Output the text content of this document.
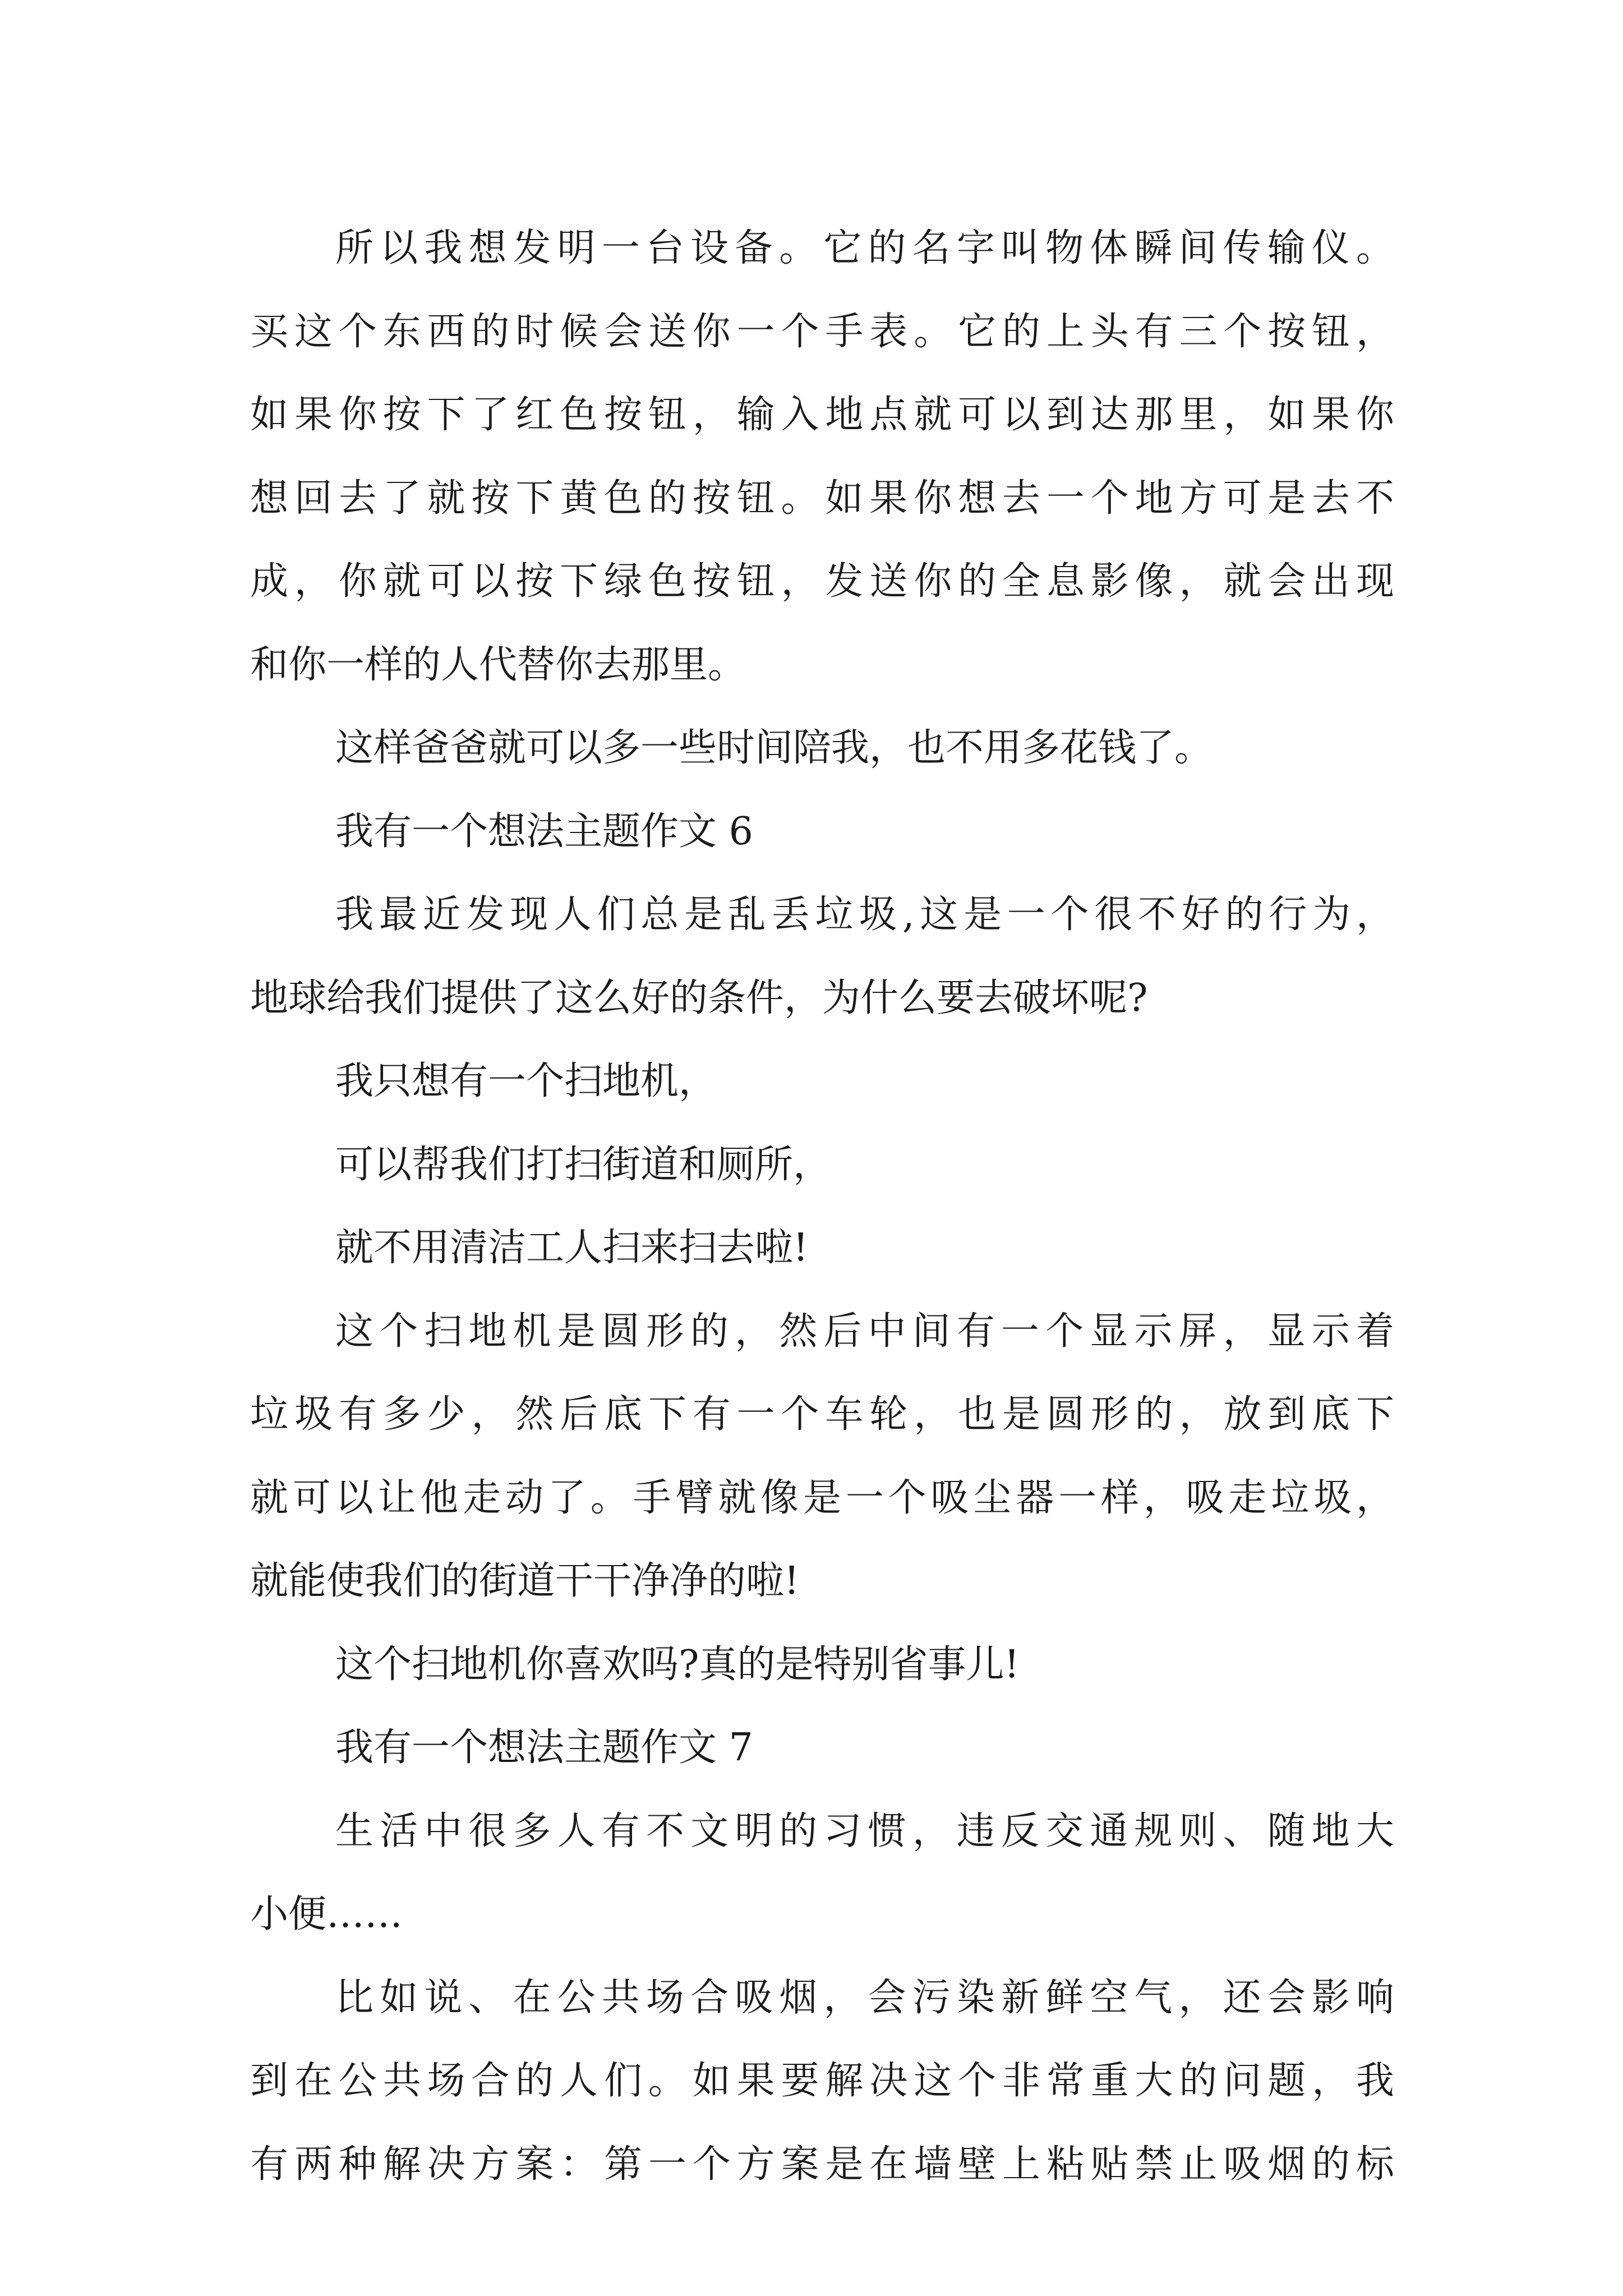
所以我想发明一台设备。它的名字叫物体瞬间传输仪。
买这个东西的时候会送你一个手表。它的上头有三个按钮，
如果你按下了红色按钮，输入地点就可以到达那里，如果你
想回去了就按下黄色的按钮。如果你想去一个地方可是去不
成，你就可以按下绿色按钮，发送你的全息影像，就会出现
和你一样的人代替你去那里。
这样爸爸就可以多一些时间陪我，也不用多花钱了。
我有一个想法主题作文 6
我最近发现人们总是乱丢垃圾,这是一个很不好的行为，
地球给我们提供了这么好的条件，为什么要去破坏呢?
我只想有一个扫地机，
可以帮我们打扫街道和厕所，
就不用清洁工人扫来扫去啦!
这个扫地机是圆形的，然后中间有一个显示屏，显示着
垃圾有多少，然后底下有一个车轮，也是圆形的，放到底下
就可以让他走动了。手臂就像是一个吸尘器一样，吸走垃圾，
就能使我们的街道干干净净的啦!
这个扫地机你喜欢吗?真的是特别省事儿!
我有一个想法主题作文 7
生活中很多人有不文明的习惯，违反交通规则、随地大
小便……
比如说、在公共场合吸烟，会污染新鲜空气，还会影响
到在公共场合的人们。如果要解决这个非常重大的问题，我
有两种解决方案：第一个方案是在墙壁上粘贴禁止吸烟的标
